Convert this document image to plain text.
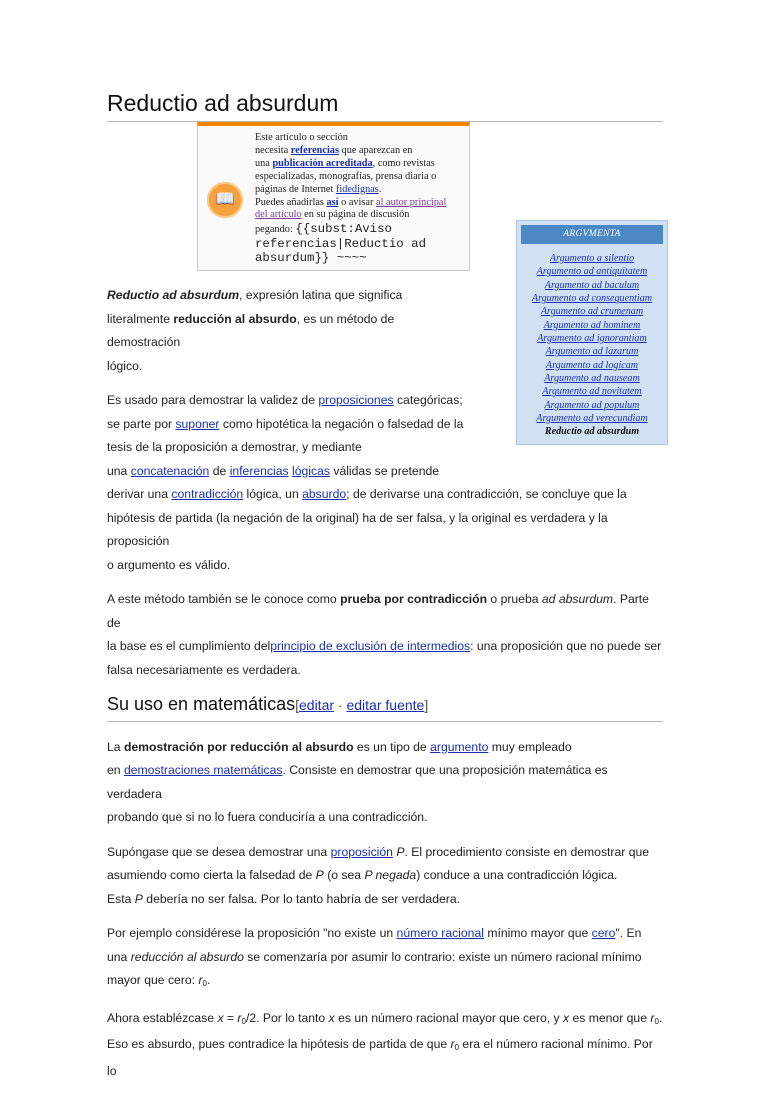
Reductio ad absurdum
📖
Este artículo o sección
necesita referencias que aparezcan en
una publicación acreditada, como revistas
especializadas, monografías, prensa diaria o
páginas de Internet fidedignas.
Puedes añadirlas así o avisar al autor principal
del artículo en su página de discusión
pegando: {{subst:Aviso
referencias|Reductio ad
absurdum}} ~~~~
ARGVMENTA
Argumento a silentio
Argumento ad antiquitatem
Argumento ad baculum
Argumento ad consequentiam
Argumento ad crumenam
Argumento ad hominem
Argumento ad ignorantiam
Argumento ad lazarum
Argumento ad logicam
Argumento ad nauseam
Argumento ad novitatem
Argumento ad populum
Argumento ad verecundiam
Reductio ad absurdum

Reductio ad absurdum, expresión latina que significa
literalmente reducción al absurdo, es un método de demostración
lógico.

Es usado para demostrar la validez de proposiciones categóricas;
se parte por suponer como hipotética la negación o falsedad de la
tesis de la proposición a demostrar, y mediante
una concatenación de inferencias lógicas válidas se pretende
derivar una contradicción lógica, un absurdo; de derivarse una contradicción, se concluye que la
hipótesis de partida (la negación de la original) ha de ser falsa, y la original es verdadera y la proposición
o argumento es válido.

A este método también se le conoce como prueba por contradicción o prueba ad absurdum. Parte de
la base es el cumplimiento delprincipio de exclusión de intermedios: una proposición que no puede ser
falsa necesariamente es verdadera.

Su uso en matemáticas[editar · editar fuente]

La demostración por reducción al absurdo es un tipo de argumento muy empleado
en demostraciones matemáticas. Consiste en demostrar que una proposición matemática es verdadera
probando que si no lo fuera conduciría a una contradicción.

Supóngase que se desea demostrar una proposición P. El procedimiento consiste en demostrar que
asumiendo como cierta la falsedad de P (o sea P negada) conduce a una contradicción lógica.
Esta P debería no ser falsa. Por lo tanto habría de ser verdadera.

Por ejemplo considérese la proposición "no existe un número racional mínimo mayor que cero". En
una reducción al absurdo se comenzaría por asumir lo contrario: existe un número racional mínimo
mayor que cero: $r_0$.

Ahora establézcase $x = r_0/2$. Por lo tanto x es un número racional mayor que cero, y x es menor que $r_0$.
Eso es absurdo, pues contradice la hipótesis de partida de que $r_0$ era el número racional mínimo. Por lo
